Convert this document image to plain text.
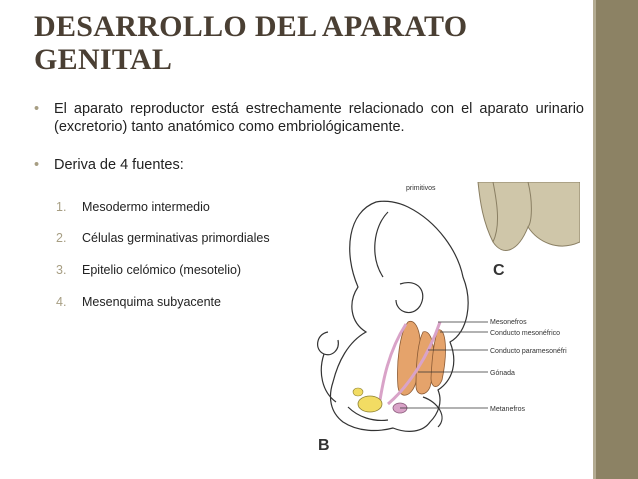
DESARROLLO DEL APARATO GENITAL
• El aparato reproductor está estrechamente relacionado con el aparato urinario (excretorio) tanto anatómico como embriológicamente.
• Deriva de 4 fuentes:
1.	Mesodermo intermedio
2.	Células germinativas primordiales
3.	Epitelio celómico (mesotelio)
4.	Mesenquima subyacente
primitivos
C
Mesonefros
Conducto mesonéfrico
Conducto paramesonéfri
Gónada
Metanefros
B
